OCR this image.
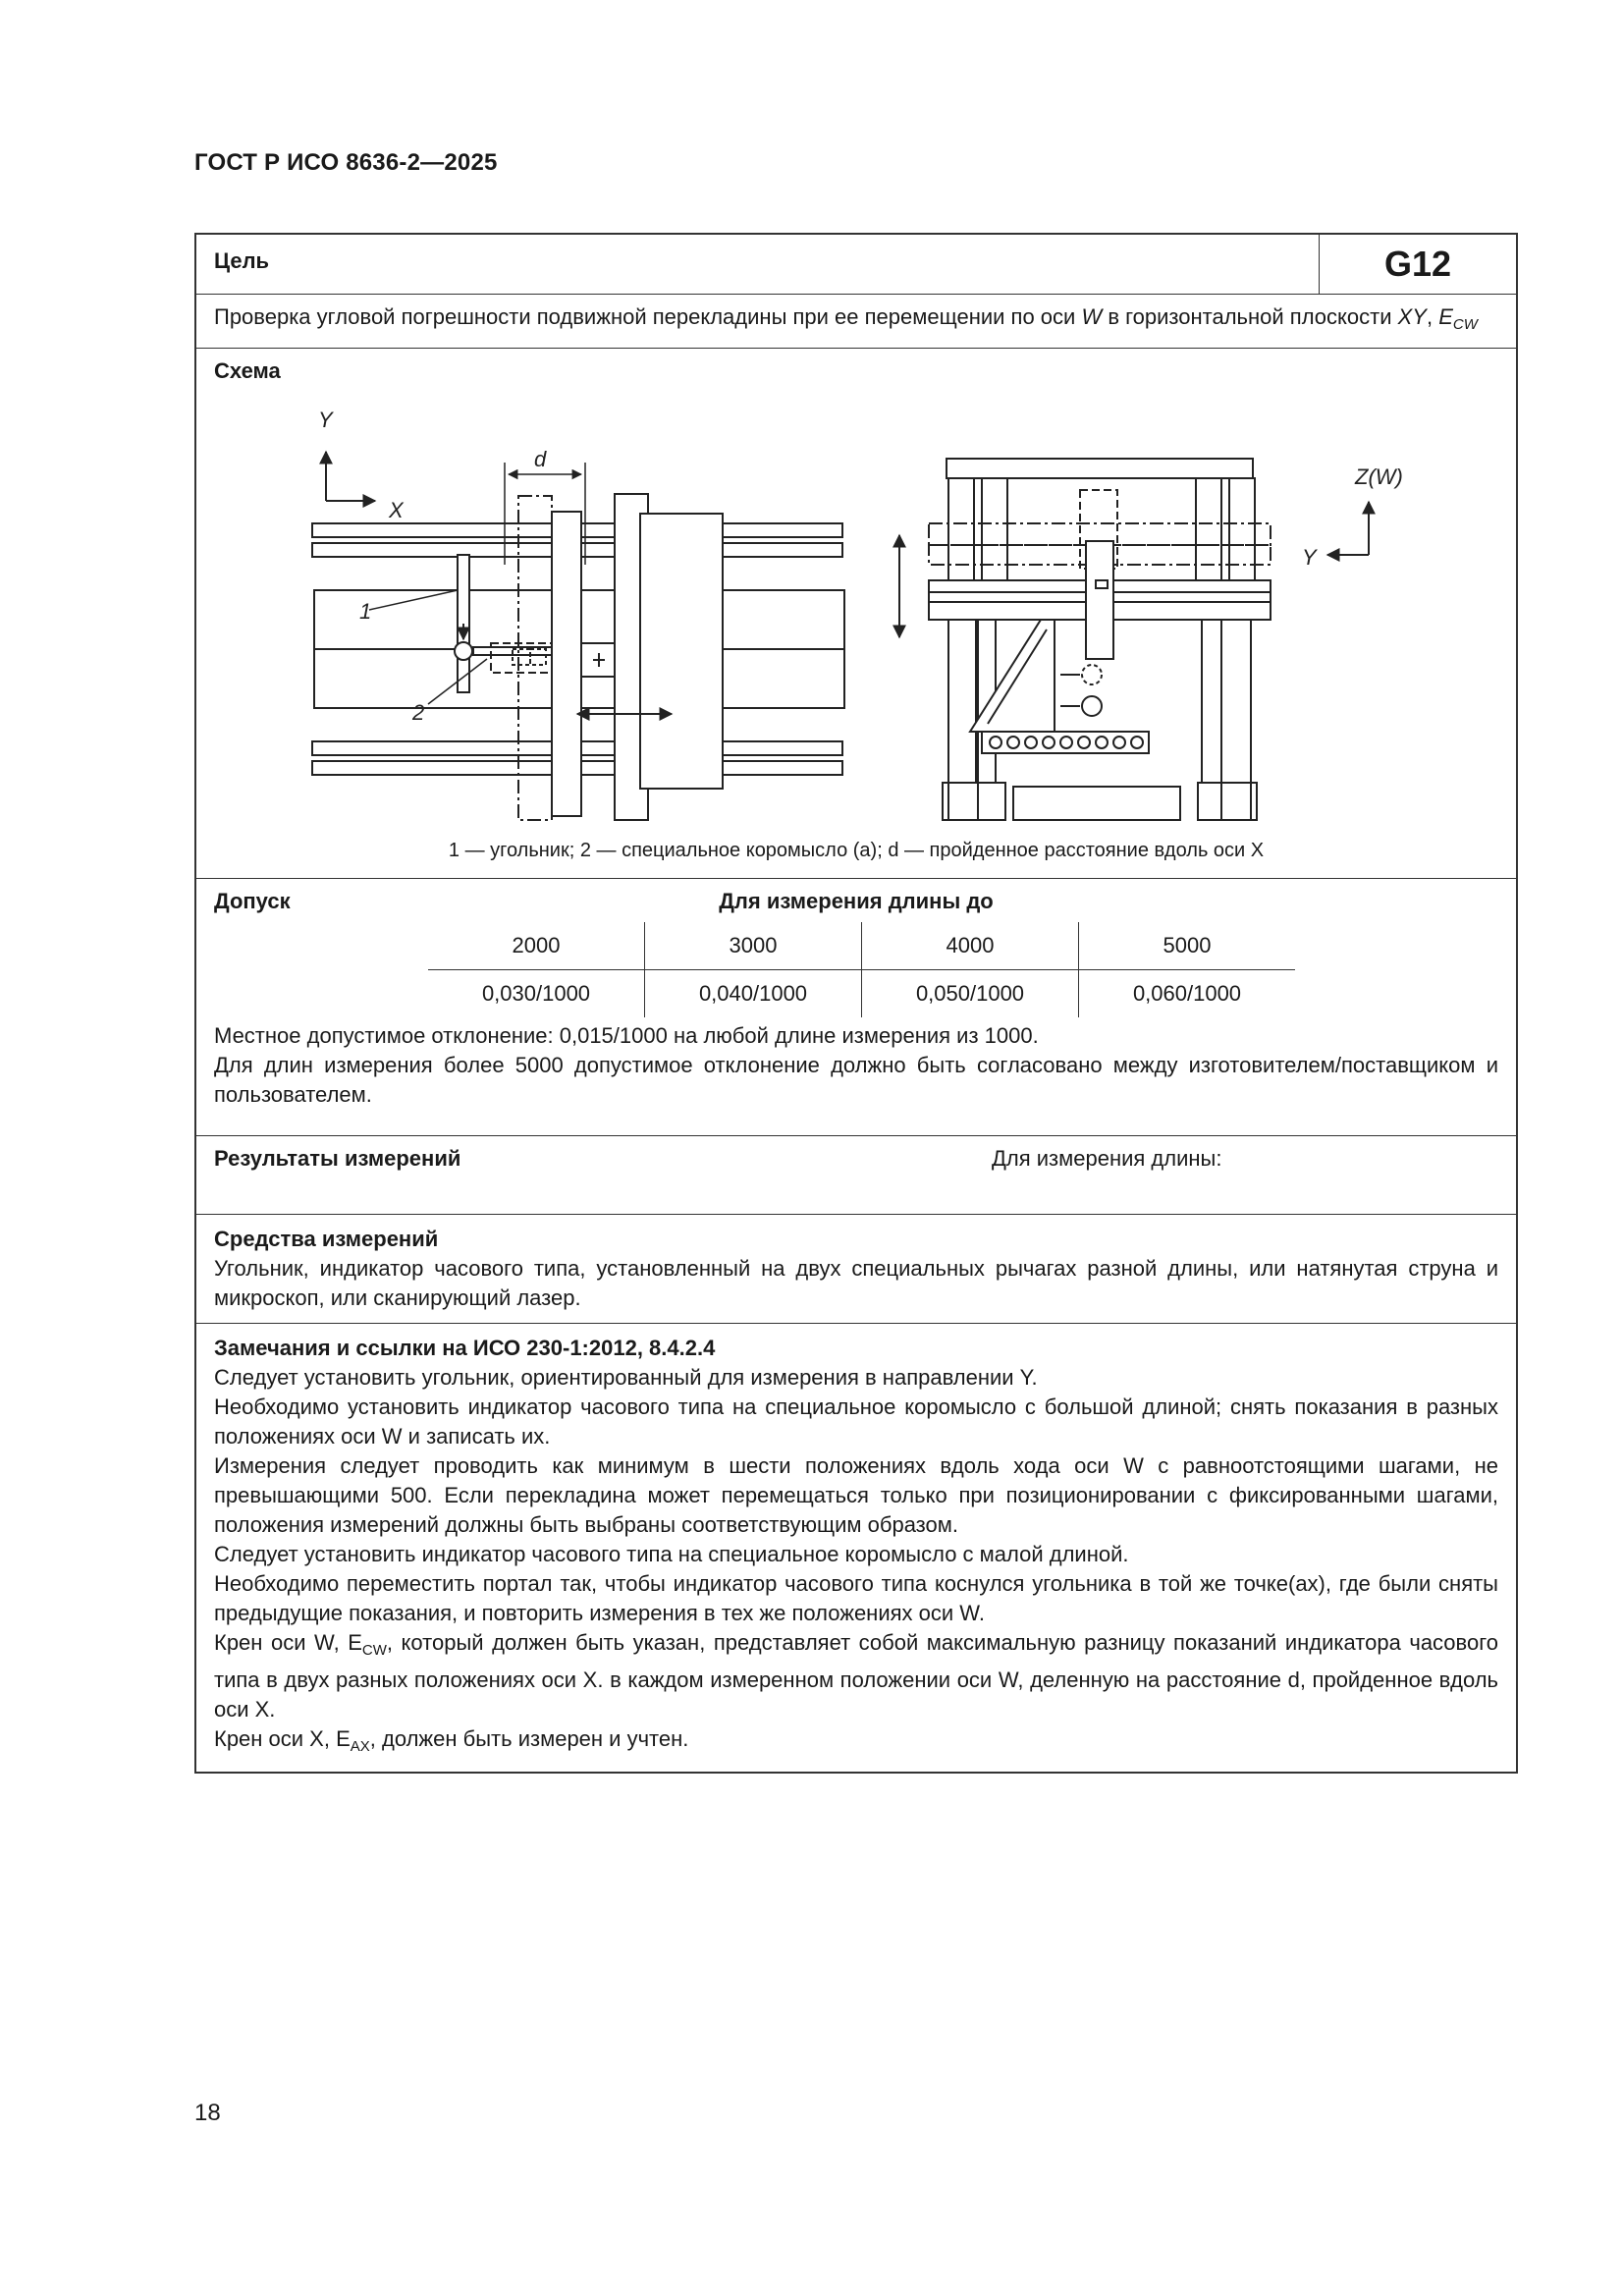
ГОСТ Р ИСО 8636-2—2025
Цель	G12
Проверка угловой погрешности подвижной перекладины при ее перемещении по оси W в горизонтальной плоскости XY, $E_{CW}$
Схема
Y
X
d
1
2
Z(W)
Y
1 — угольник; 2 — специальное коромысло (а); d — пройденное расстояние вдоль оси X
Допуск	Для измерения длины до
2000	3000	4000	5000
0,030/1000	0,040/1000	0,050/1000	0,060/1000
Местное допустимое отклонение: 0,015/1000 на любой длине измерения из 1000.
Для длин измерения более 5000 допустимое отклонение должно быть согласовано между изготовителем/поставщиком и пользователем.
Результаты измерений	Для измерения длины:
Средства измерений
Угольник, индикатор часового типа, установленный на двух специальных рычагах разной длины, или натянутая струна и микроскоп, или сканирующий лазер.
Замечания и ссылки на ИСО 230-1:2012, 8.4.2.4
Следует установить угольник, ориентированный для измерения в направлении Y.
Необходимо установить индикатор часового типа на специальное коромысло с большой длиной; снять показания в разных положениях оси W и записать их.
Измерения следует проводить как минимум в шести положениях вдоль хода оси W с равноотстоящими шагами, не превышающими 500. Если перекладина может перемещаться только при позиционировании с фиксированными шагами, положения измерений должны быть выбраны соответствующим образом.
Следует установить индикатор часового типа на специальное коромысло с малой длиной.
Необходимо переместить портал так, чтобы индикатор часового типа коснулся угольника в той же точке(ах), где были сняты предыдущие показания, и повторить измерения в тех же положениях оси W.
Крен оси W, $E_{CW}$, который должен быть указан, представляет собой максимальную разницу показаний индикатора часового типа в двух разных положениях оси X. в каждом измеренном положении оси W, деленную на расстояние d, пройденное вдоль оси X.
Крен оси X, $E_{AX}$, должен быть измерен и учтен.
18
